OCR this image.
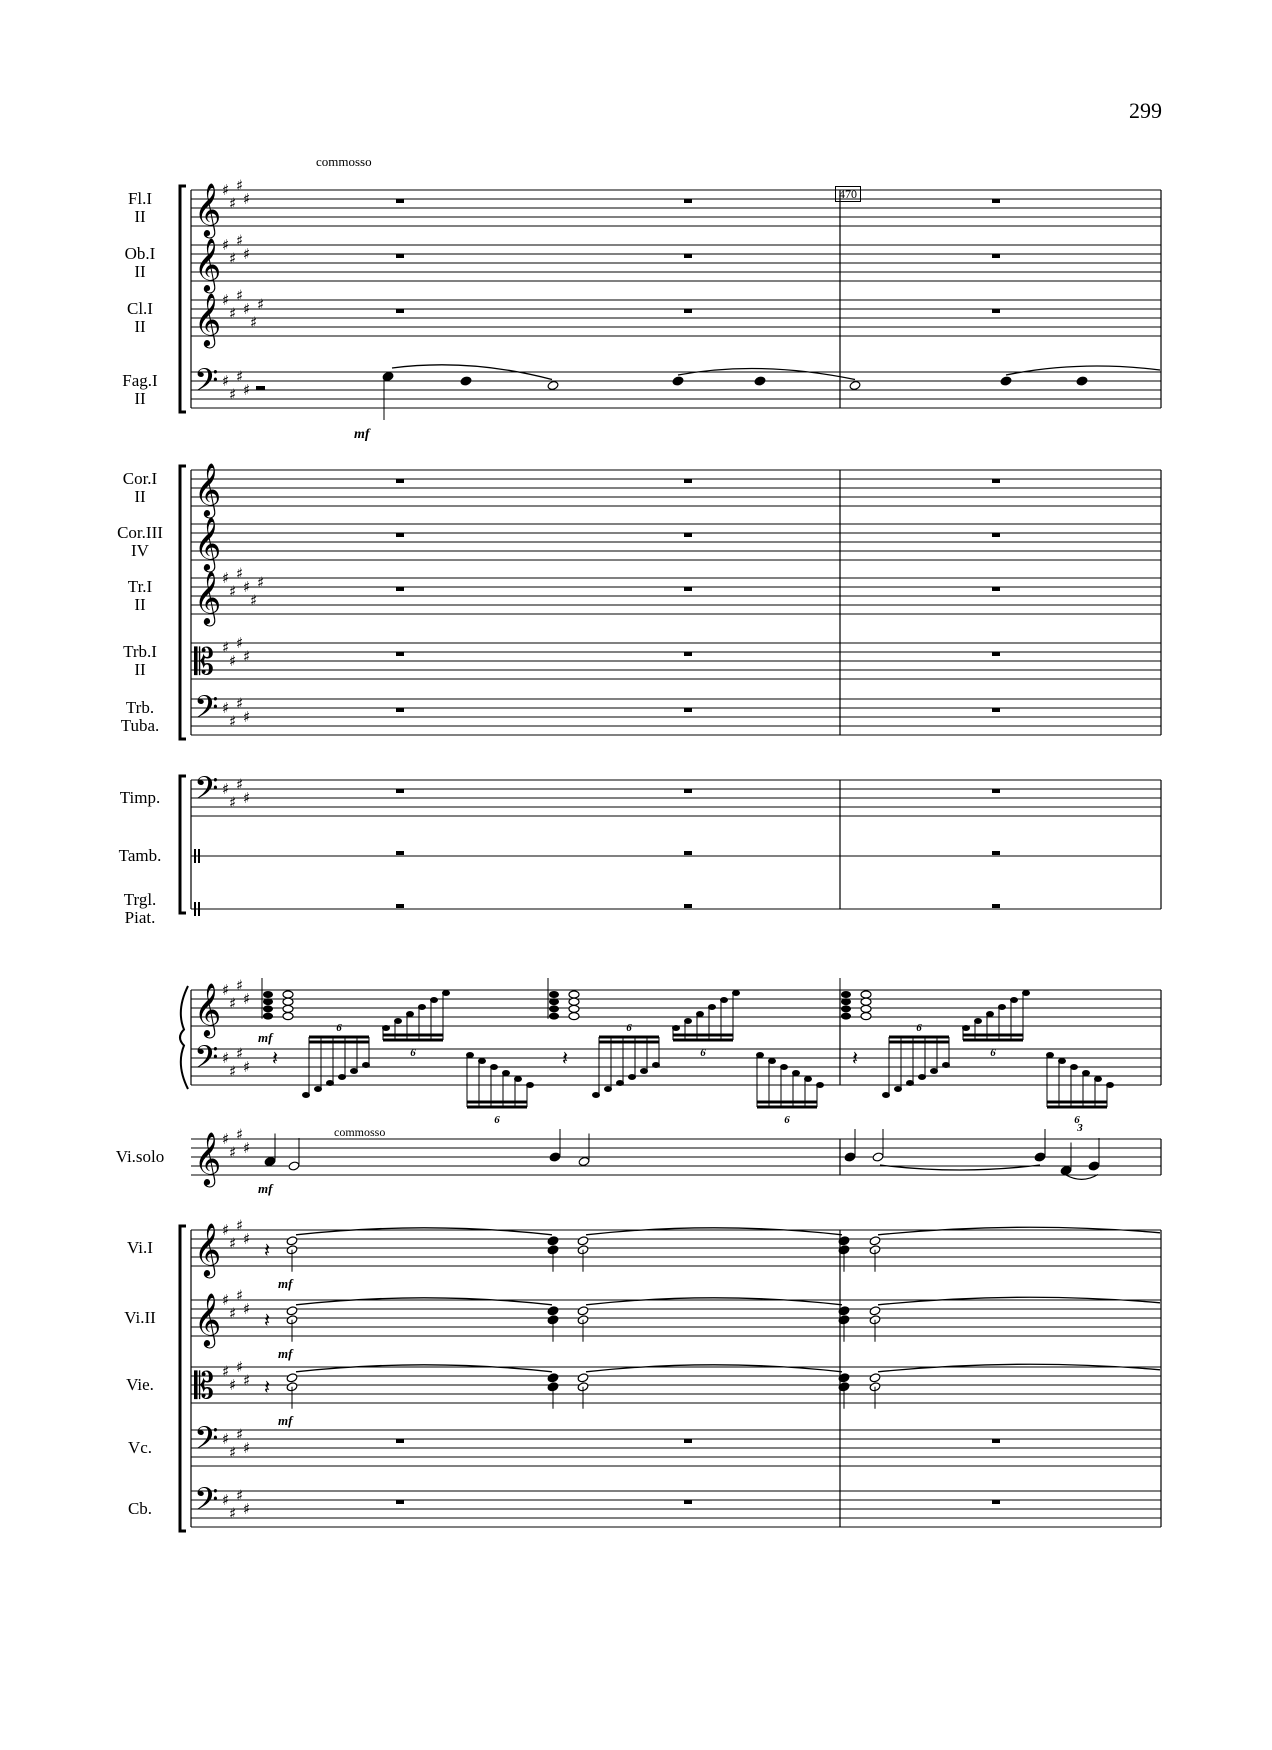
299
commosso
470
commosso
𝄞 ♯
♯
♯
♯
Fl.I
II
𝄞 ♯
♯
♯
♯
Ob.I
II
𝄞 ♯
♯
♯
♯
♯
♯
Cl.I
II
𝄢 ♯
♯
♯
♯
Fag.I
II
𝄞
Cor.I
II
𝄞
Cor.III
IV
𝄞 ♯
♯
♯
♯
♯
♯
Tr.I
II
𝄡 ♯
♯
♯
♯
Trb.I
II
𝄢 ♯
♯
♯
♯
Trb.
Tuba.
𝄢 ♯
♯
♯
♯
Timp.
Tamb.
Trgl.
Piat.
𝄞 ♯
♯
♯
♯
𝄢 ♯
♯
♯
♯
𝄞 ♯
♯
♯
♯
Vi.solo
𝄞 ♯
♯
♯
♯
Vi.I
𝄞 ♯
♯
♯
♯
Vi.II
𝄡 ♯
♯
♯
♯
Vie.
𝄢 ♯
♯
♯
♯
Vc.
𝄢 ♯
♯
♯
♯
Cb.
mf
mf
6
6
6
6
6
6
6
6
6
𝄽	𝄽	𝄽
3
mf
𝄽
mf
𝄽
mf
𝄽
mf
